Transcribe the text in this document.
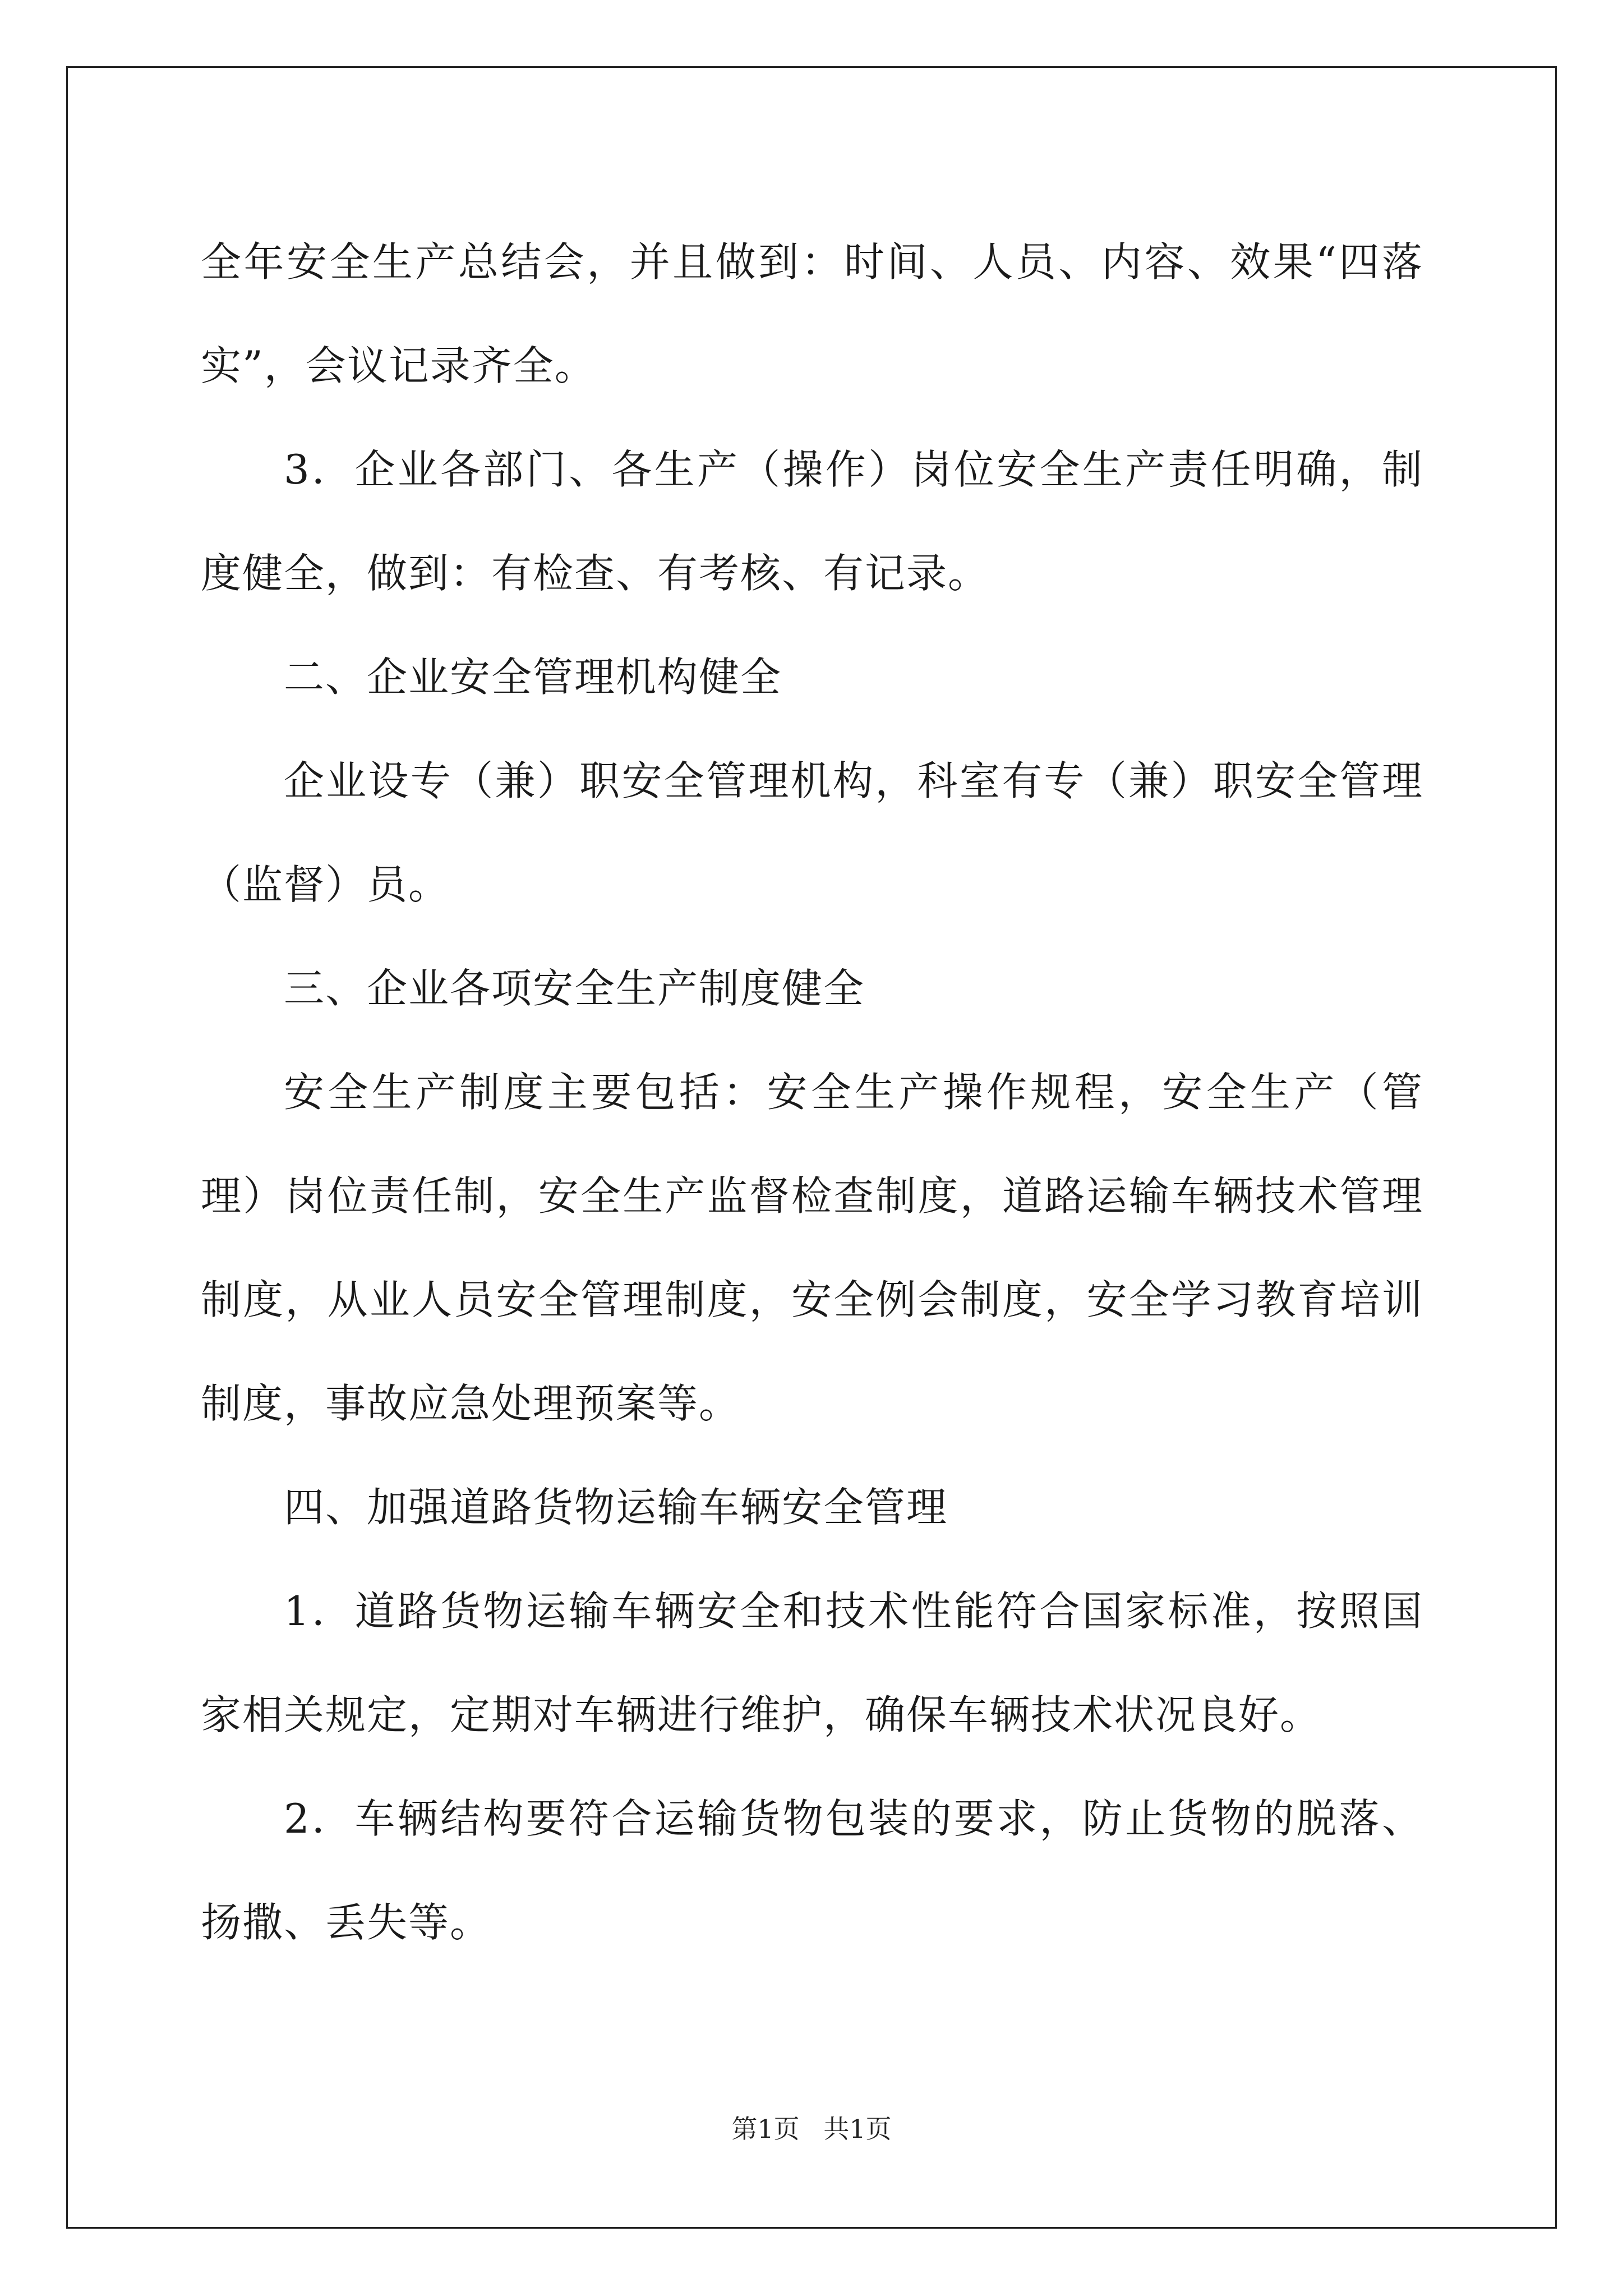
全年安全生产总结会，并且做到：时间、人员、内容、效果“四落实”，会议记录齐全。

3．企业各部门、各生产（操作）岗位安全生产责任明确，制度健全，做到：有检查、有考核、有记录。

二、企业安全管理机构健全

企业设专（兼）职安全管理机构，科室有专（兼）职安全管理（监督）员。

三、企业各项安全生产制度健全

安全生产制度主要包括：安全生产操作规程，安全生产（管理）岗位责任制，安全生产监督检查制度，道路运输车辆技术管理制度，从业人员安全管理制度，安全例会制度，安全学习教育培训制度，事故应急处理预案等。

四、加强道路货物运输车辆安全管理

1．道路货物运输车辆安全和技术性能符合国家标准，按照国家相关规定，定期对车辆进行维护，确保车辆技术状况良好。

2．车辆结构要符合运输货物包装的要求，防止货物的脱落、扬撒、丢失等。

第1页 共1页
